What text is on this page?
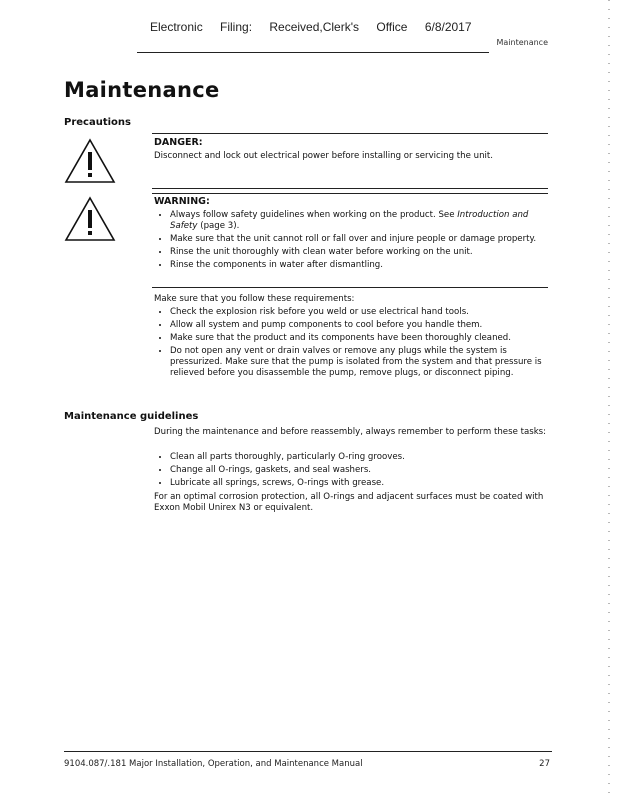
Electronic Filing: Received,Clerk's Office 6/8/2017
Maintenance
Maintenance
Precautions
DANGER:
Disconnect and lock out electrical power before installing or servicing the unit.
WARNING:
• Always follow safety guidelines when working on the product. See Introduction and Safety (page 3).
• Make sure that the unit cannot roll or fall over and injure people or damage property.
• Rinse the unit thoroughly with clean water before working on the unit.
• Rinse the components in water after dismantling.
Make sure that you follow these requirements:
• Check the explosion risk before you weld or use electrical hand tools.
• Allow all system and pump components to cool before you handle them.
• Make sure that the product and its components have been thoroughly cleaned.
• Do not open any vent or drain valves or remove any plugs while the system is pressurized. Make sure that the pump is isolated from the system and that pressure is relieved before you disassemble the pump, remove plugs, or disconnect piping.
Maintenance guidelines
During the maintenance and before reassembly, always remember to perform these tasks:
• Clean all parts thoroughly, particularly O-ring grooves.
• Change all O-rings, gaskets, and seal washers.
• Lubricate all springs, screws, O-rings with grease.
For an optimal corrosion protection, all O-rings and adjacent surfaces must be coated with Exxon Mobil Unirex N3 or equivalent.
9104.087/.181 Major Installation, Operation, and Maintenance Manual	27
